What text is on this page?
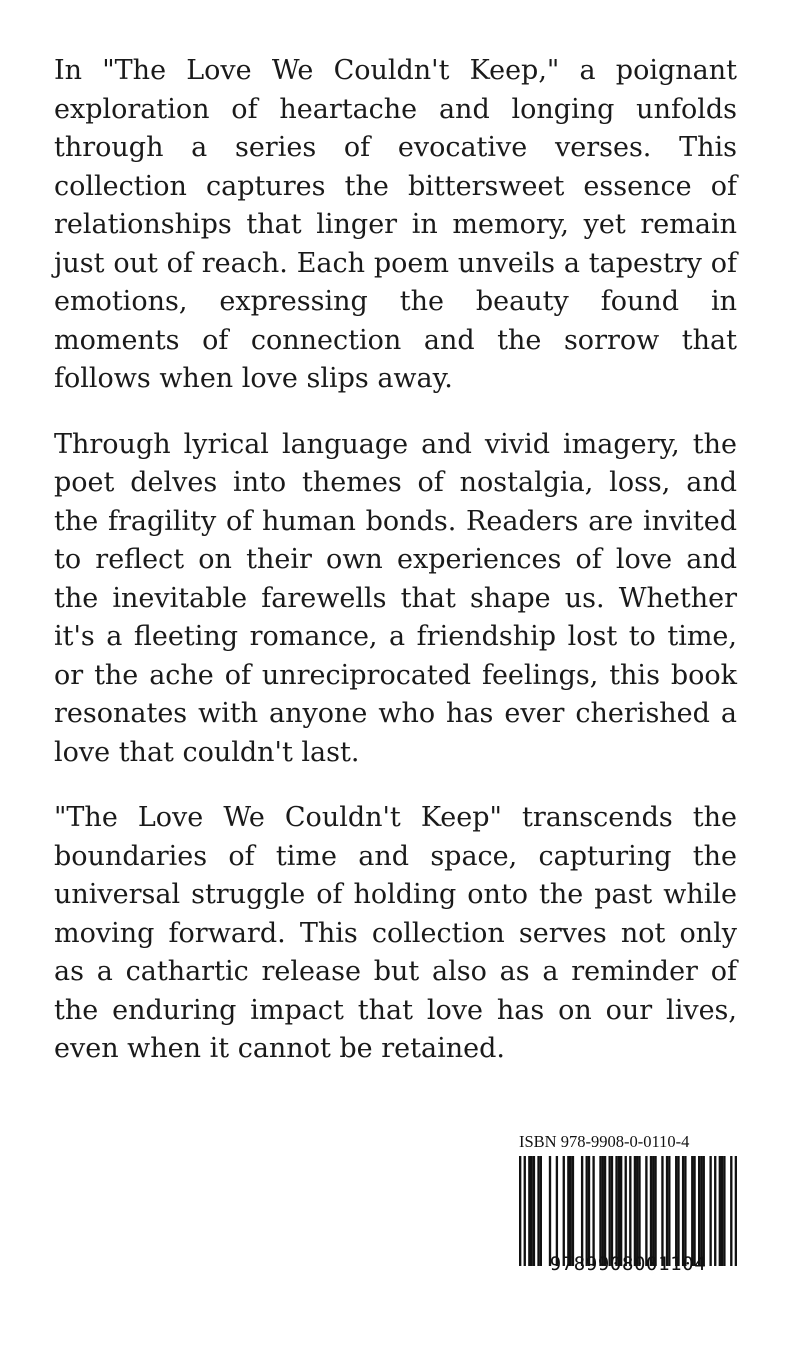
In "The Love We Couldn't Keep," a poignant exploration of heartache and longing unfolds through a series of evocative verses. This collection captures the bittersweet essence of relationships that linger in memory, yet remain just out of reach. Each poem unveils a tapestry of emotions, expressing the beauty found in moments of connection and the sorrow that follows when love slips away.

Through lyrical language and vivid imagery, the poet delves into themes of nostalgia, loss, and the fragility of human bonds. Readers are invited to reflect on their own experiences of love and the inevitable farewells that shape us. Whether it's a fleeting romance, a friendship lost to time, or the ache of unreciprocated feelings, this book resonates with anyone who has ever cherished a love that couldn't last.

"The Love We Couldn't Keep" transcends the boundaries of time and space, capturing the universal struggle of holding onto the past while moving forward. This collection serves not only as a cathartic release but also as a reminder of the enduring impact that love has on our lives, even when it cannot be retained.

ISBN 978-9908-0-0110-4
9789908001104
